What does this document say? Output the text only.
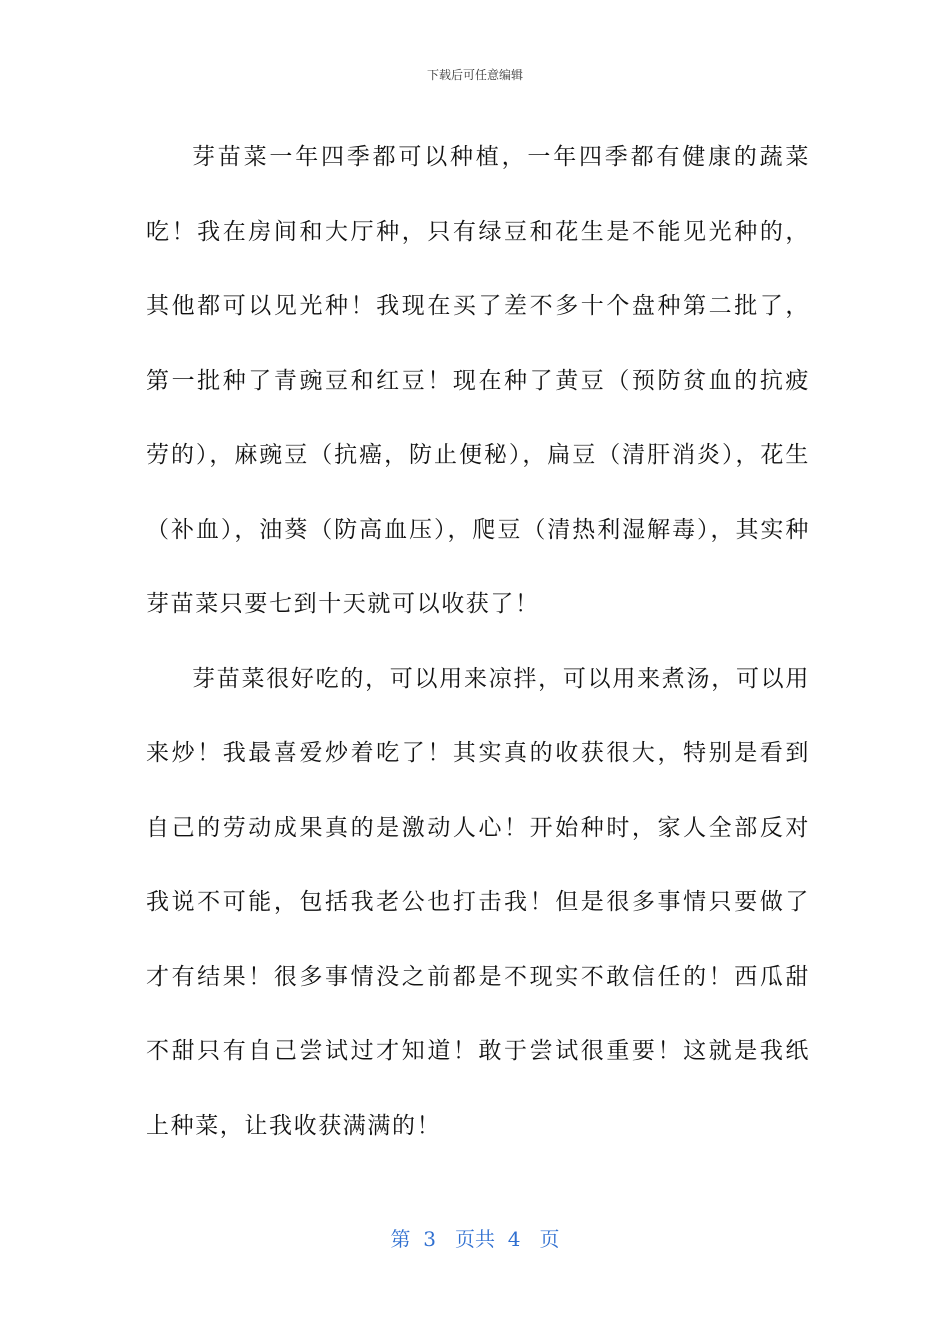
下载后可任意编辑

芽苗菜一年四季都可以种植，一年四季都有健康的蔬菜吃！我在房间和大厅种，只有绿豆和花生是不能见光种的，其他都可以见光种！我现在买了差不多十个盘种第二批了，第一批种了青豌豆和红豆！现在种了黄豆（预防贫血的抗疲劳的），麻豌豆（抗癌，防止便秘），扁豆（清肝消炎），花生（补血），油葵（防高血压），爬豆（清热利湿解毒），其实种芽苗菜只要七到十天就可以收获了！

芽苗菜很好吃的，可以用来凉拌，可以用来煮汤，可以用来炒！我最喜爱炒着吃了！其实真的收获很大，特别是看到自己的劳动成果真的是激动人心！开始种时，家人全部反对我说不可能，包括我老公也打击我！但是很多事情只要做了才有结果！很多事情没之前都是不现实不敢信任的！西瓜甜不甜只有自己尝试过才知道！敢于尝试很重要！这就是我纸上种菜，让我收获满满的！

第  3   页共  4   页
